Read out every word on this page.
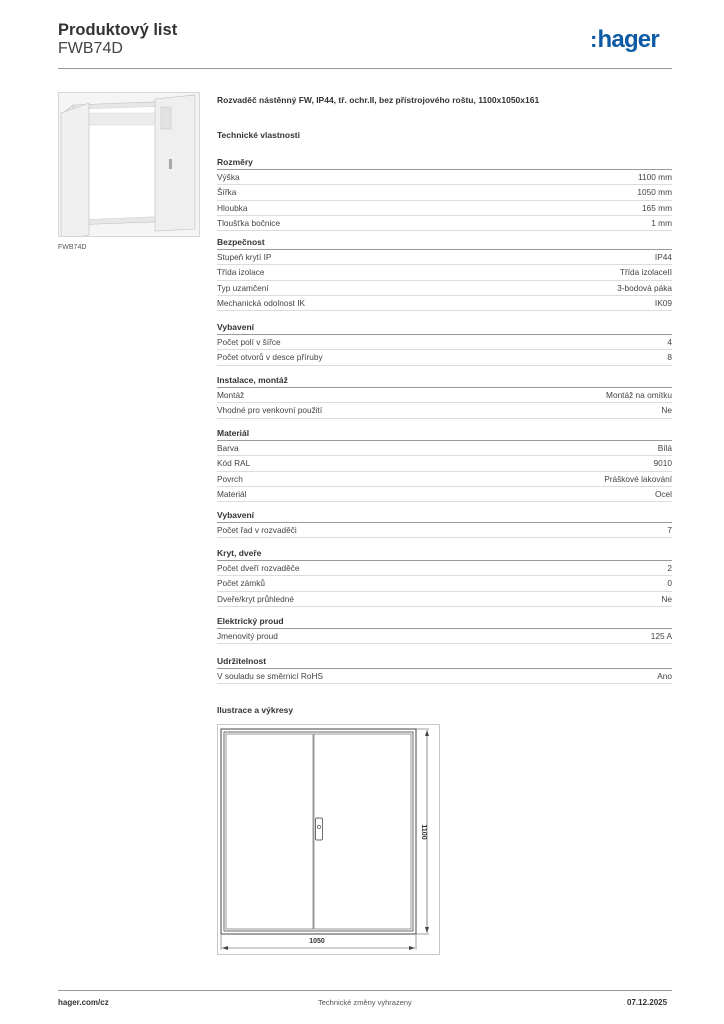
Produktový list
FWB74D	:hager
FWB74D
Rozvaděč nástěnný FW, IP44, tř. ochr.II, bez přístrojového roštu, 1100x1050x161
Technické vlastnosti
Rozměry
Výška	1100 mm
Šířka	1050 mm
Hloubka	165 mm
Tloušťka bočnice	1 mm
Bezpečnost
Stupeň krytí IP	IP44
Třída izolace	Třída izolaceII
Typ uzamčení	3-bodová páka
Mechanická odolnost IK	IK09
Vybavení
Počet polí v šířce	4
Počet otvorů v desce příruby	8
Instalace, montáž
Montáž	Montáž na omítku
Vhodné pro venkovní použití	Ne
Materiál
Barva	Bílá
Kód RAL	9010
Povrch	Práškové lakování
Materiál	Ocel
Vybavení
Počet řad v rozvaděči	7
Kryt, dveře
Počet dveří rozvaděče	2
Počet zámků	0
Dveře/kryt průhledné	Ne
Elektrický proud
Jmenovitý proud	125 A
Udržitelnost
V souladu se směrnicí RoHS	Ano
Ilustrace a výkresy
1050
1100
hager.com/cz	Technické změny vyhrazeny	07.12.2025
